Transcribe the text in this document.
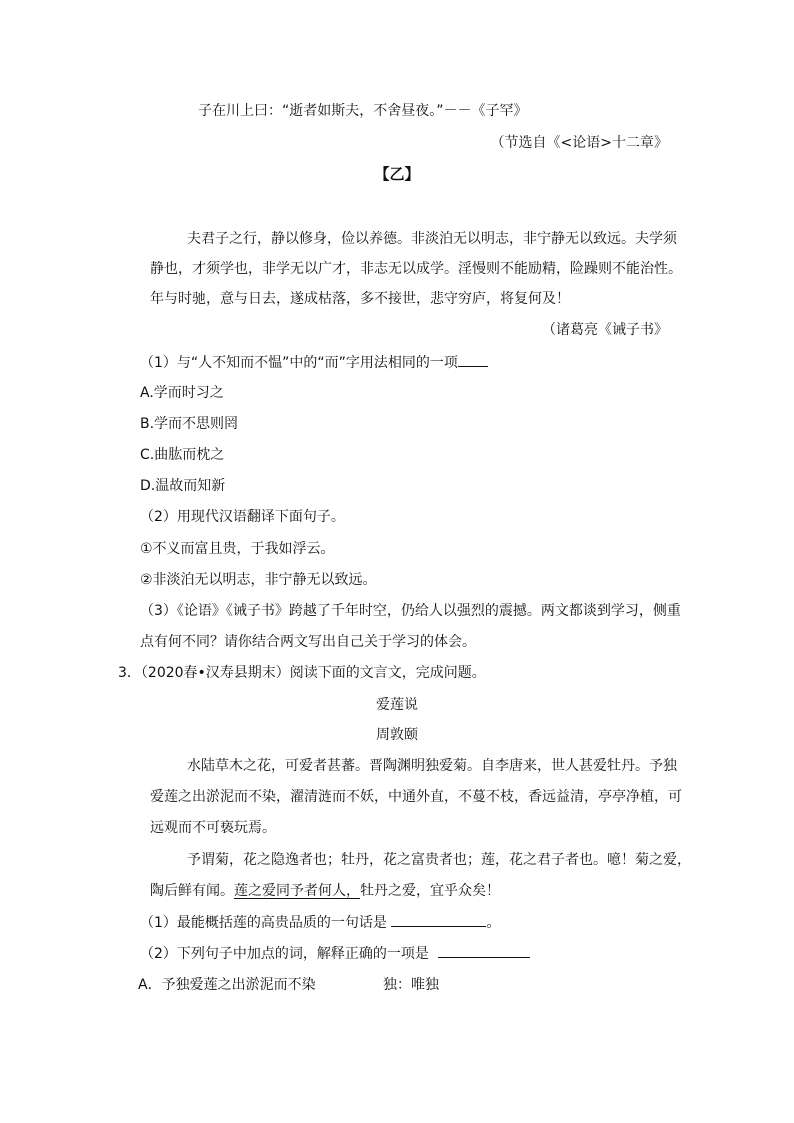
子在川上曰：“逝者如斯夫，不舍昼夜。”－－《子罕》
（节选自《<论语>十二章》
【乙】
夫君子之行，静以修身，俭以养德。非淡泊无以明志，非宁静无以致远。夫学须
静也，才须学也，非学无以广才，非志无以成学。淫慢则不能励精，险躁则不能治性。
年与时驰，意与日去，遂成枯落，多不接世，悲守穷庐，将复何及！
（诸葛亮《诫子书》
（1）与“人不知而不愠”中的“而”字用法相同的一项
A.学而时习之
B.学而不思则罔
C.曲肱而枕之
D.温故而知新
（2）用现代汉语翻译下面句子。
①不义而富且贵，于我如浮云。
②非淡泊无以明志，非宁静无以致远。
（3）《论语》《诫子书》跨越了千年时空，仍给人以强烈的震撼。两文都谈到学习，侧重
点有何不同？请你结合两文写出自己关于学习的体会。
3．（2020春•汉寿县期末）阅读下面的文言文，完成问题。
爱莲说
周敦颐
水陆草木之花，可爱者甚蕃。晋陶渊明独爱菊。自李唐来，世人甚爱牡丹。予独
爱莲之出淤泥而不染，濯清涟而不妖，中通外直，不蔓不枝，香远益清，亭亭净植，可
远观而不可亵玩焉。
予谓菊，花之隐逸者也；牡丹，花之富贵者也；莲，花之君子者也。噫！菊之爱，
陶后鲜有闻。莲之爱同予者何人，牡丹之爱，宜乎众矣！
（1）最能概括莲的高贵品质的一句话是	。
（2）下列句子中加点的词，解释正确的一项是
A．予独爱莲之出淤泥而不染	独：唯独
